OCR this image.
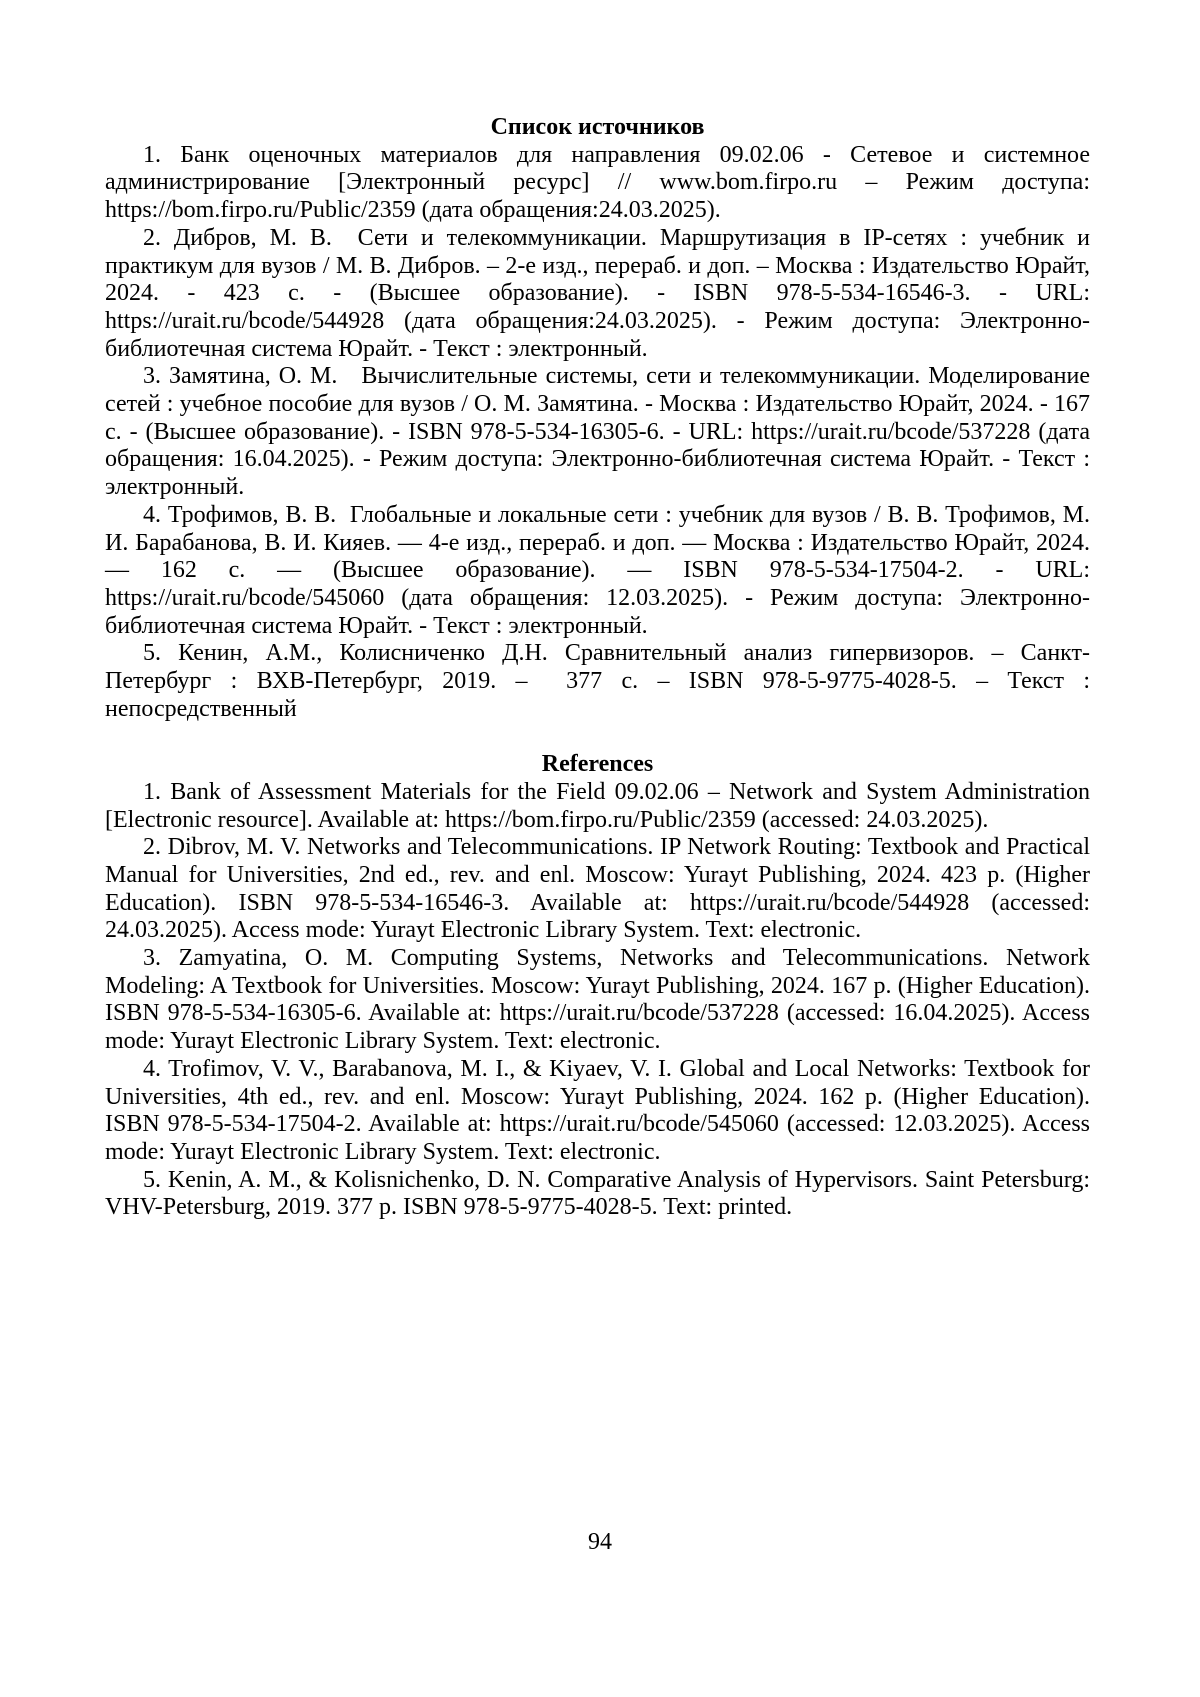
Список источников

1. Банк оценочных материалов для направления 09.02.06 - Сетевое и системное администрирование [Электронный ресурс] // www.bom.firpo.ru – Режим доступа: https://bom.firpo.ru/Public/2359 (дата обращения:24.03.2025).

2. Дибров, М. В.  Сети и телекоммуникации. Маршрутизация в IP-сетях : учебник и практикум для вузов / М. В. Дибров. – 2-е изд., перераб. и доп. – Москва : Издательство Юрайт, 2024. - 423 с. - (Высшее образование). - ISBN 978-5-534-16546-3. - URL: https://urait.ru/bcode/544928 (дата обращения:24.03.2025). - Режим доступа: Электронно-библиотечная система Юрайт. - Текст : электронный.

3. Замятина, О. М.   Вычислительные системы, сети и телекоммуникации. Моделирование сетей : учебное пособие для вузов / О. М. Замятина. - Москва : Издательство Юрайт, 2024. - 167 с. - (Высшее образование). - ISBN 978-5-534-16305-6. - URL: https://urait.ru/bcode/537228 (дата обращения: 16.04.2025). - Режим доступа: Электронно-библиотечная система Юрайт. - Текст : электронный.

4. Трофимов, В. В.  Глобальные и локальные сети : учебник для вузов / В. В. Трофимов, М. И. Барабанова, В. И. Кияев. — 4-е изд., перераб. и доп. — Москва : Издательство Юрайт, 2024. — 162 с. — (Высшее образование). — ISBN 978-5-534-17504-2. - URL: https://urait.ru/bcode/545060 (дата обращения: 12.03.2025). - Режим доступа: Электронно-библиотечная система Юрайт. - Текст : электронный.

5. Кенин, А.М., Колисниченко Д.Н. Сравнительный анализ гипервизоров. – Санкт-Петербург : ВХВ-Петербург, 2019. –  377 с. – ISBN 978-5-9775-4028-5. – Текст : непосредственный

References

1. Bank of Assessment Materials for the Field 09.02.06 – Network and System Administration [Electronic resource]. Available at: https://bom.firpo.ru/Public/2359 (accessed: 24.03.2025).

2. Dibrov, M. V. Networks and Telecommunications. IP Network Routing: Textbook and Practical Manual for Universities, 2nd ed., rev. and enl. Moscow: Yurayt Publishing, 2024. 423 p. (Higher Education). ISBN 978-5-534-16546-3. Available at: https://urait.ru/bcode/544928 (accessed: 24.03.2025). Access mode: Yurayt Electronic Library System. Text: electronic.

3. Zamyatina, O. M. Computing Systems, Networks and Telecommunications. Network Modeling: A Textbook for Universities. Moscow: Yurayt Publishing, 2024. 167 p. (Higher Education). ISBN 978-5-534-16305-6. Available at: https://urait.ru/bcode/537228 (accessed: 16.04.2025). Access mode: Yurayt Electronic Library System. Text: electronic.

4. Trofimov, V. V., Barabanova, M. I., & Kiyaev, V. I. Global and Local Networks: Textbook for Universities, 4th ed., rev. and enl. Moscow: Yurayt Publishing, 2024. 162 p. (Higher Education). ISBN 978-5-534-17504-2. Available at: https://urait.ru/bcode/545060 (accessed: 12.03.2025). Access mode: Yurayt Electronic Library System. Text: electronic.

5. Kenin, A. M., & Kolisnichenko, D. N. Comparative Analysis of Hypervisors. Saint Petersburg: VHV-Petersburg, 2019. 377 p. ISBN 978-5-9775-4028-5. Text: printed.

94
